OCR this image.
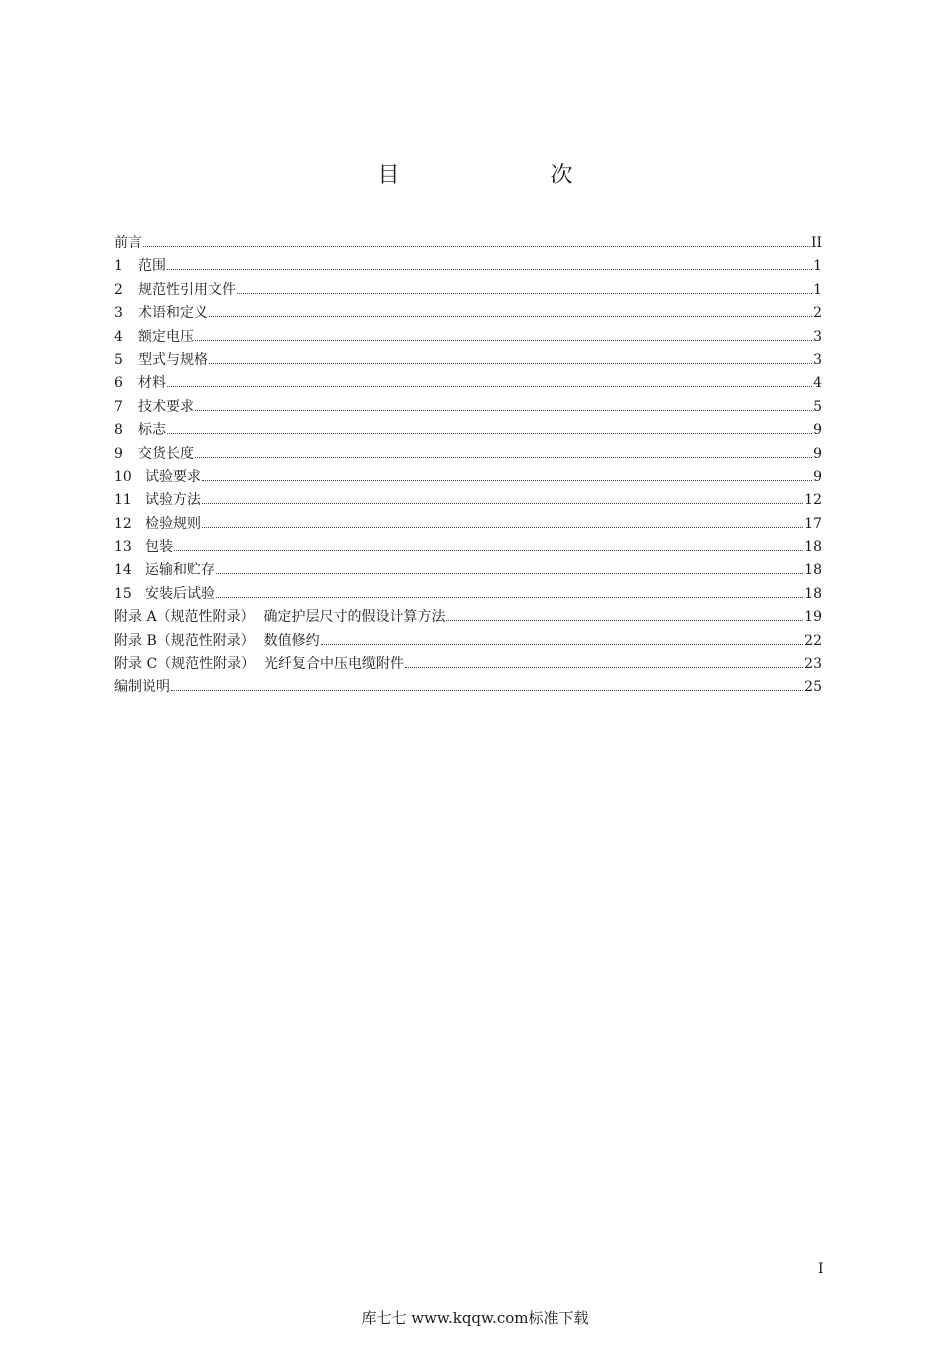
目 次
前言	II
1 范围	1
2 规范性引用文件	1
3 术语和定义	2
4 额定电压	3
5 型式与规格	3
6 材料	4
7 技术要求	5
8 标志	9
9 交货长度	9
10 试验要求	9
11 试验方法	12
12 检验规则	17
13 包装	18
14 运输和贮存	18
15 安装后试验	18
附录 A（规范性附录）  确定护层尺寸的假设计算方法	19
附录 B（规范性附录）  数值修约	22
附录 C（规范性附录）  光纤复合中压电缆附件	23
编制说明	25
I
库七七 www.kqqw.com标准下载
